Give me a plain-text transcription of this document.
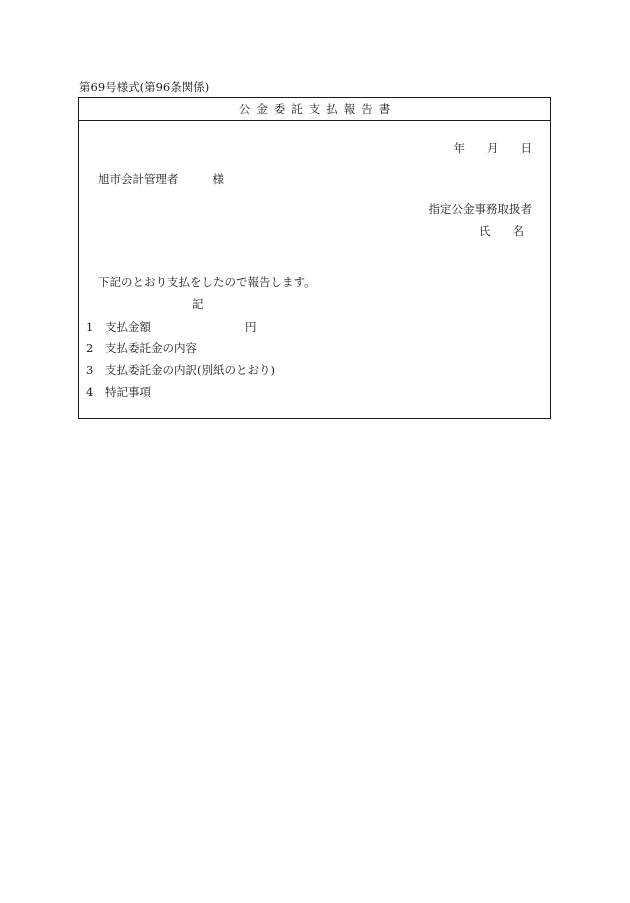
第69号様式(第96条関係)
公金委託支払報告書
年 月 日
旭市会計管理者	様
指定公金事務取扱者
氏 名
下記のとおり支払をしたので報告します。
記
1 支払金額	円
2 支払委託金の内容
3 支払委託金の内訳(別紙のとおり)
4 特記事項
